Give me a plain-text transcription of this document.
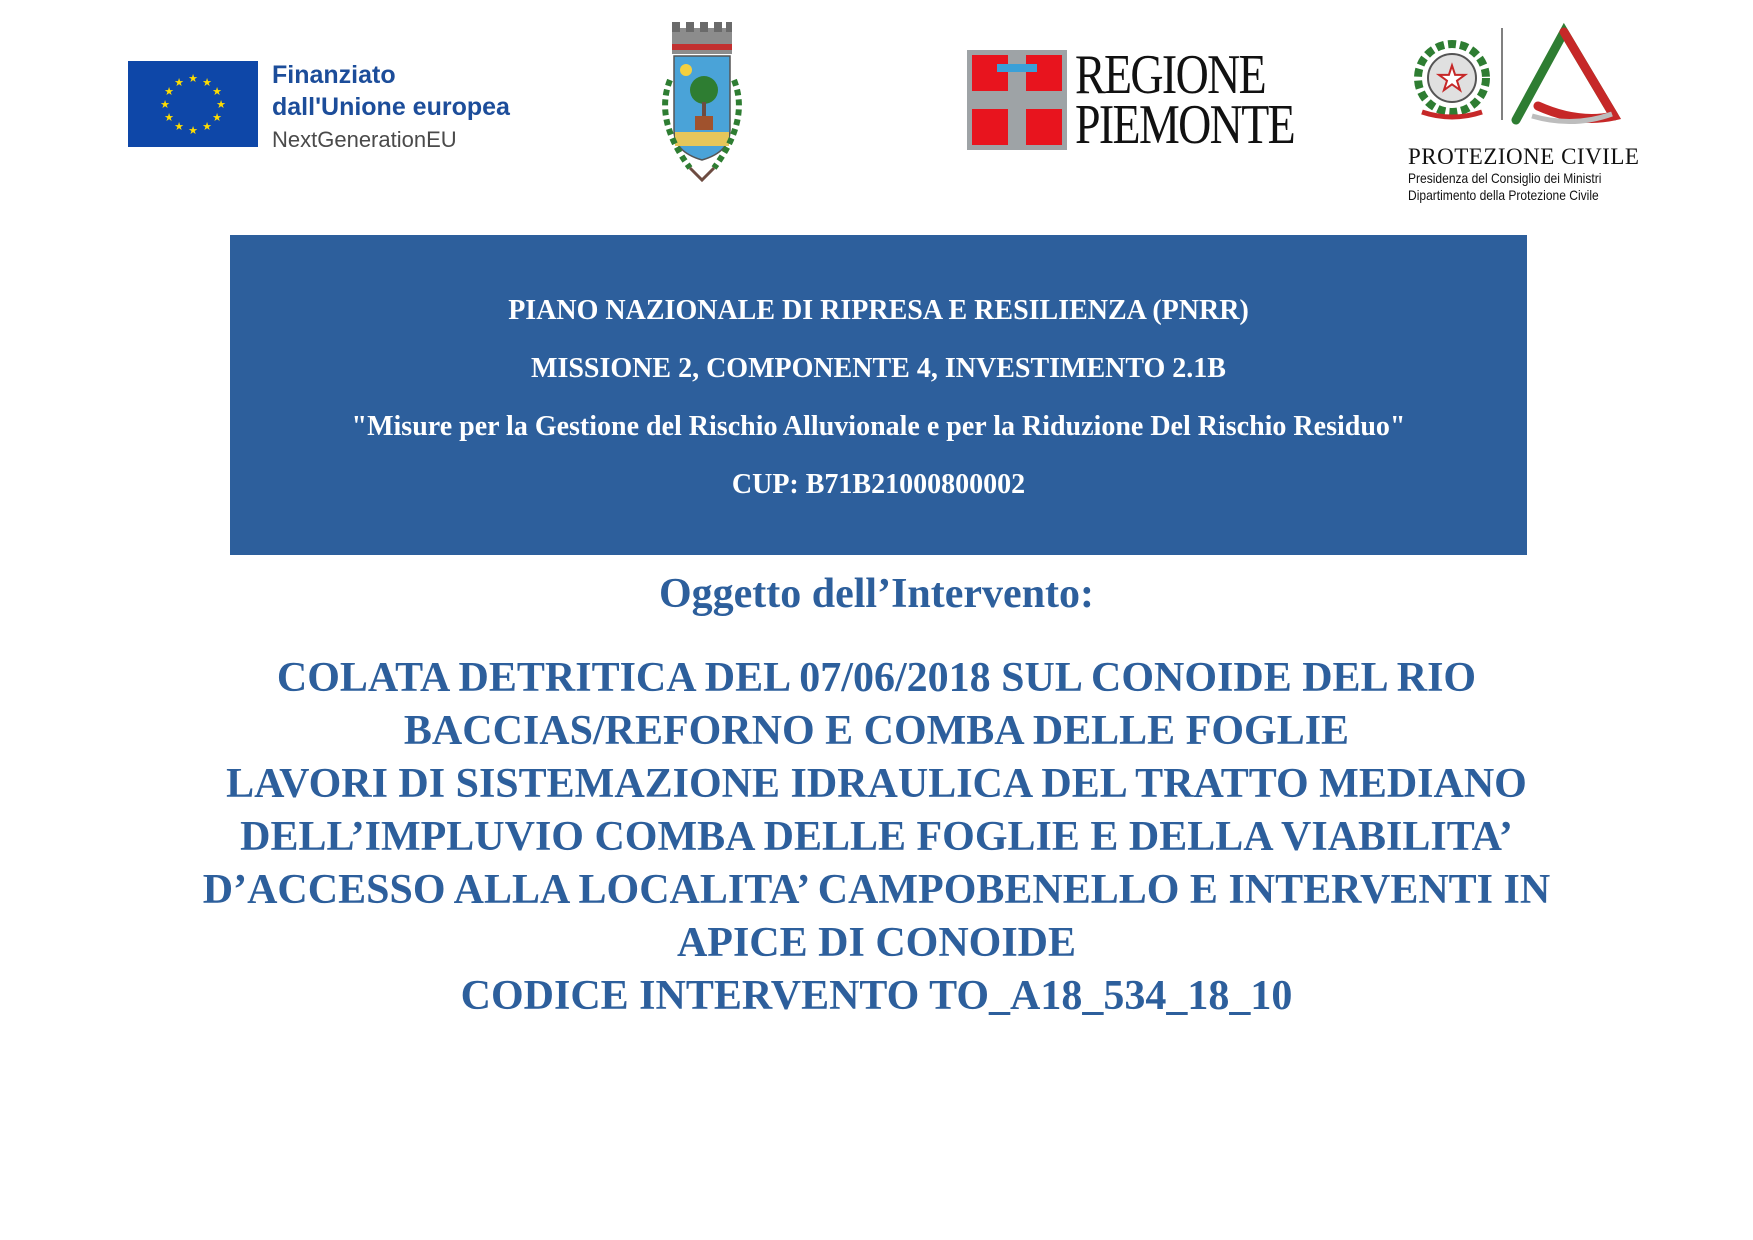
★ ★
★
★
★
★
★
★
★
★
★
★	Finanziato
dall'Unione europea
NextGenerationEU
REGIONE
PIEMONTE
★
PROTEZIONE CIVILE
Presidenza del Consiglio dei Ministri
Dipartimento della Protezione Civile
PIANO NAZIONALE DI RIPRESA E RESILIENZA (PNRR)
MISSIONE 2, COMPONENTE 4, INVESTIMENTO 2.1B
"Misure per la Gestione del Rischio Alluvionale e per la Riduzione Del Rischio Residuo"
CUP: B71B21000800002
Oggetto dell’Intervento:
COLATA DETRITICA DEL 07/06/2018 SUL CONOIDE DEL RIO
BACCIAS/REFORNO E COMBA DELLE FOGLIE
LAVORI DI SISTEMAZIONE IDRAULICA DEL TRATTO MEDIANO
DELL’IMPLUVIO COMBA DELLE FOGLIE E DELLA VIABILITA’
D’ACCESSO ALLA LOCALITA’ CAMPOBENELLO E INTERVENTI IN
APICE DI CONOIDE
CODICE INTERVENTO TO_A18_534_18_10
